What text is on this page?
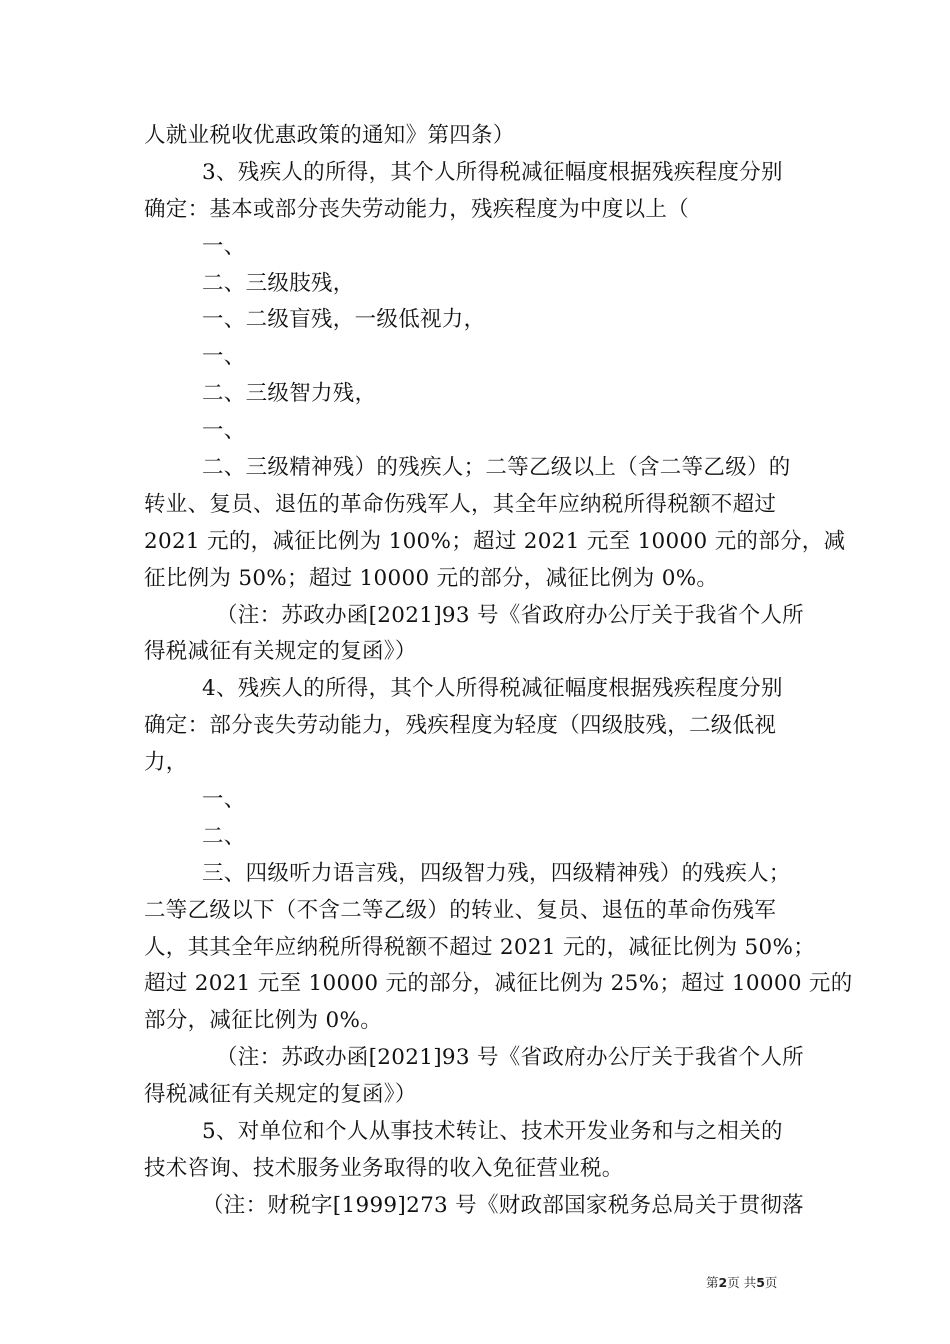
人就业税收优惠政策的通知》第四条）
3、残疾人的所得，其个人所得税减征幅度根据残疾程度分别
确定：基本或部分丧失劳动能力，残疾程度为中度以上（
一、
二、三级肢残，
一、二级盲残，一级低视力，
一、
二、三级智力残，
一、
二、三级精神残）的残疾人；二等乙级以上（含二等乙级）的
转业、复员、退伍的革命伤残军人，其全年应纳税所得税额不超过
2021 元的，减征比例为 100%；超过 2021 元至 10000 元的部分，减
征比例为 50%；超过 10000 元的部分，减征比例为 0%。
（注：苏政办函[2021]93 号《省政府办公厅关于我省个人所
得税减征有关规定的复函》）
4、残疾人的所得，其个人所得税减征幅度根据残疾程度分别
确定：部分丧失劳动能力，残疾程度为轻度（四级肢残，二级低视
力，
一、
二、
三、四级听力语言残，四级智力残，四级精神残）的残疾人；
二等乙级以下（不含二等乙级）的转业、复员、退伍的革命伤残军
人，其其全年应纳税所得税额不超过 2021 元的，减征比例为 50%；
超过 2021 元至 10000 元的部分，减征比例为 25%；超过 10000 元的
部分，减征比例为 0%。
（注：苏政办函[2021]93 号《省政府办公厅关于我省个人所
得税减征有关规定的复函》）
5、对单位和个人从事技术转让、技术开发业务和与之相关的
技术咨询、技术服务业务取得的收入免征营业税。
（注：财税字[1999]273 号《财政部国家税务总局关于贯彻落
第2页 共5页
